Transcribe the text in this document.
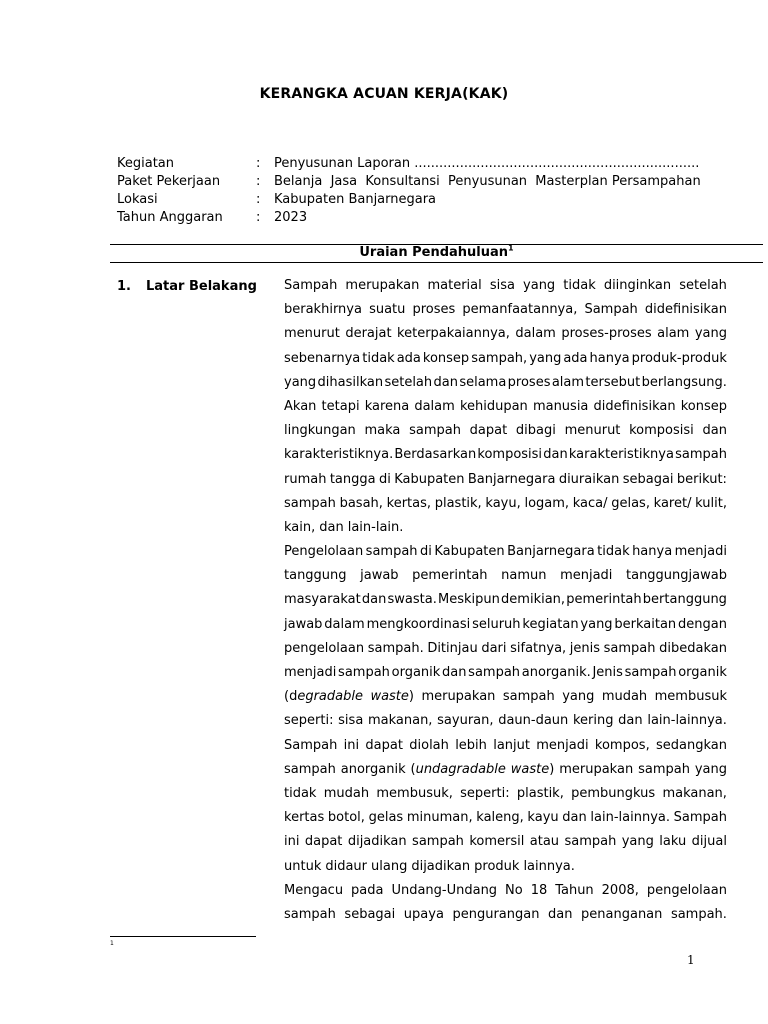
KERANGKA ACUAN KERJA(KAK)
Kegiatan	:	Penyusunan Laporan .....................................................................
Paket Pekerjaan	:	Belanja  Jasa  Konsultansi  Penyusunan  Masterplan Persampahan
Lokasi	:	Kabupaten Banjarnegara
Tahun Anggaran	:	2023
Uraian Pendahuluan$^1$
1. Latar Belakang Sampah merupakan material sisa yang tidak diinginkan setelah
berakhirnya suatu proses pemanfaatannya, Sampah didefinisikan
menurut derajat keterpakaiannya, dalam proses-proses alam yang
sebenarnya tidak ada konsep sampah, yang ada hanya produk-produk
yang dihasilkan setelah dan selama proses alam tersebut berlangsung.
Akan tetapi karena dalam kehidupan manusia didefinisikan konsep
lingkungan maka sampah dapat dibagi menurut komposisi dan
karakteristiknya. Berdasarkan komposisi dan karakteristiknya sampah
rumah tangga di Kabupaten Banjarnegara diuraikan sebagai berikut:
sampah basah, kertas, plastik, kayu, logam, kaca/ gelas, karet/ kulit,
kain, dan lain-lain.
Pengelolaan sampah di Kabupaten Banjarnegara tidak hanya menjadi
tanggung jawab pemerintah namun menjadi tanggungjawab
masyarakat dan swasta. Meskipun demikian, pemerintah bertanggung
jawab dalam mengkoordinasi seluruh kegiatan yang berkaitan dengan
pengelolaan sampah. Ditinjau dari sifatnya, jenis sampah dibedakan
menjadi sampah organik dan sampah anorganik. Jenis sampah organik
(degradable waste) merupakan sampah yang mudah membusuk
seperti: sisa makanan, sayuran, daun-daun kering dan lain-lainnya.
Sampah ini dapat diolah lebih lanjut menjadi kompos, sedangkan
sampah anorganik (undagradable waste) merupakan sampah yang
tidak mudah membusuk, seperti: plastik, pembungkus makanan,
kertas botol, gelas minuman, kaleng, kayu dan lain-lainnya. Sampah
ini dapat dijadikan sampah komersil atau sampah yang laku dijual
untuk didaur ulang dijadikan produk lainnya.
Mengacu pada Undang-Undang No 18 Tahun 2008, pengelolaan
sampah sebagai upaya pengurangan dan penanganan sampah.
1
1
